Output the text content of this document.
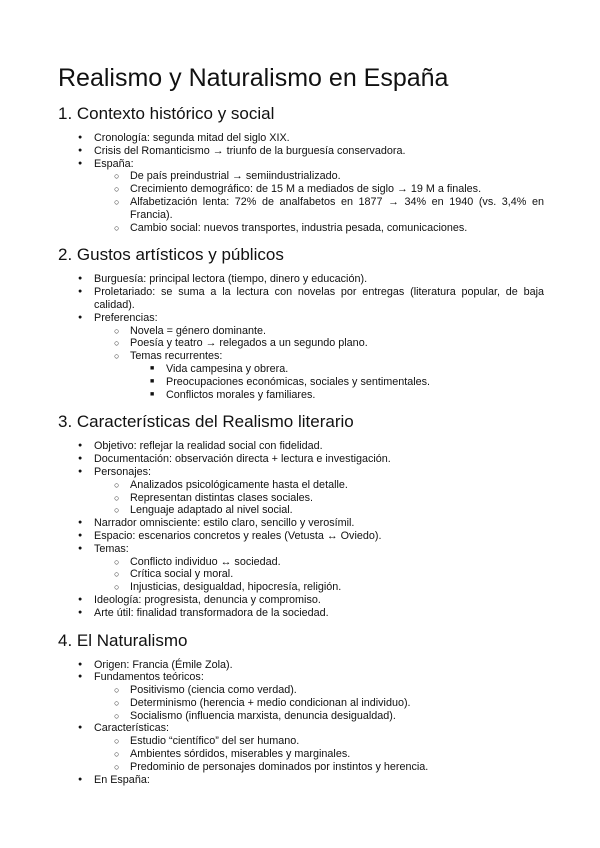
Realismo y Naturalismo en España
1. Contexto histórico y social
● Cronología: segunda mitad del siglo XIX.
● Crisis del Romanticismo → triunfo de la burguesía conservadora.
● España:
○ De país preindustrial → semiindustrializado.
○ Crecimiento demográfico: de 15 M a mediados de siglo → 19 M a finales.
○ Alfabetización lenta: 72% de analfabetos en 1877 → 34% en 1940 (vs. 3,4% en Francia).
○ Cambio social: nuevos transportes, industria pesada, comunicaciones.
2. Gustos artísticos y públicos
● Burguesía: principal lectora (tiempo, dinero y educación).
● Proletariado: se suma a la lectura con novelas por entregas (literatura popular, de baja calidad).
● Preferencias:
○ Novela = género dominante.
○ Poesía y teatro → relegados a un segundo plano.
○ Temas recurrentes:
■ Vida campesina y obrera.
■ Preocupaciones económicas, sociales y sentimentales.
■ Conflictos morales y familiares.
3. Características del Realismo literario
● Objetivo: reflejar la realidad social con fidelidad.
● Documentación: observación directa + lectura e investigación.
● Personajes:
○ Analizados psicológicamente hasta el detalle.
○ Representan distintas clases sociales.
○ Lenguaje adaptado al nivel social.
● Narrador omnisciente: estilo claro, sencillo y verosímil.
● Espacio: escenarios concretos y reales (Vetusta ↔ Oviedo).
● Temas:
○ Conflicto individuo ↔ sociedad.
○ Crítica social y moral.
○ Injusticias, desigualdad, hipocresía, religión.
● Ideología: progresista, denuncia y compromiso.
● Arte útil: finalidad transformadora de la sociedad.
4. El Naturalismo
● Origen: Francia (Émile Zola).
● Fundamentos teóricos:
○ Positivismo (ciencia como verdad).
○ Determinismo (herencia + medio condicionan al individuo).
○ Socialismo (influencia marxista, denuncia desigualdad).
● Características:
○ Estudio “científico” del ser humano.
○ Ambientes sórdidos, miserables y marginales.
○ Predominio de personajes dominados por instintos y herencia.
● En España:
